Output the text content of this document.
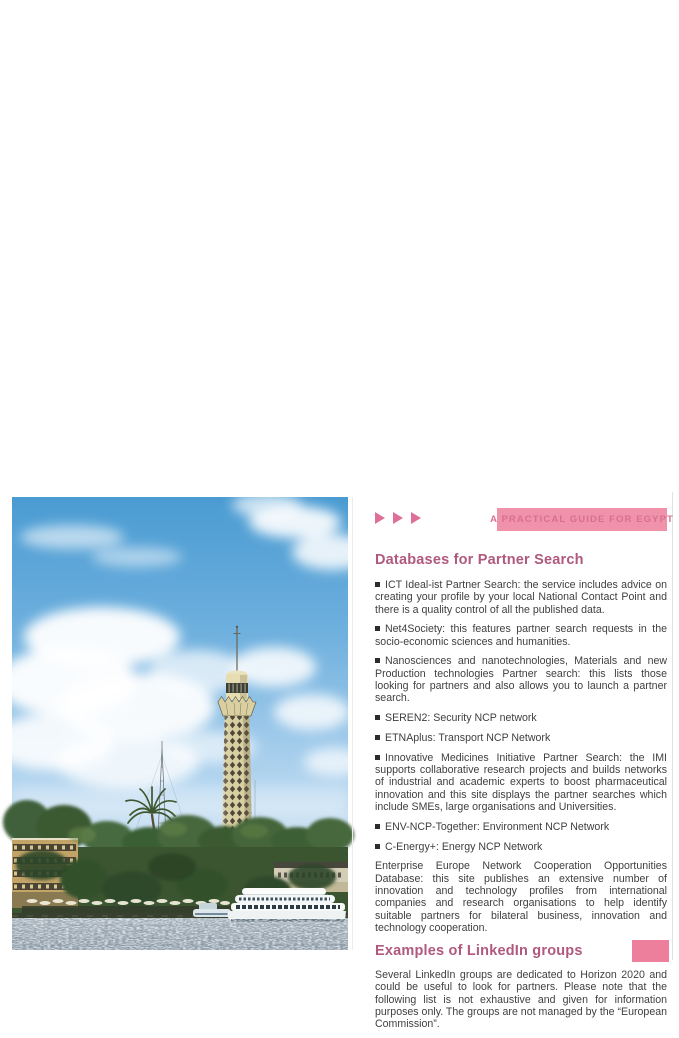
A PRACTICAL GUIDE FOR EGYPT
Databases for Partner Search

ICT Ideal-ist Partner Search: the service includes advice on creating your profile by your local National Contact Point and there is a quality control of all the published data.

Net4Society: this features partner search requests in the socio-economic sciences and humanities.

Nanosciences and nanotechnologies, Materials and new Production technologies Partner search: this lists those looking for partners and also allows you to launch a partner search.

SEREN2: Security NCP network

ETNAplus: Transport NCP Network

Innovative Medicines Initiative Partner Search: the IMI supports collaborative research projects and builds networks of industrial and academic experts to boost pharmaceutical innovation and this site displays the partner searches which include SMEs, large organisations and Universities.

ENV-NCP-Together: Environment NCP Network

C-Energy+: Energy NCP Network

Enterprise Europe Network Cooperation Opportunities Database: this site publishes an extensive number of innovation and technology profiles from international companies and research organisations to help identify suitable partners for bilateral business, innovation and technology cooperation.

Examples of LinkedIn groups

Several LinkedIn groups are dedicated to Horizon 2020 and could be useful to look for partners. Please note that the following list is not exhaustive and given for information purposes only. The groups are not managed by the “European Commission”.
